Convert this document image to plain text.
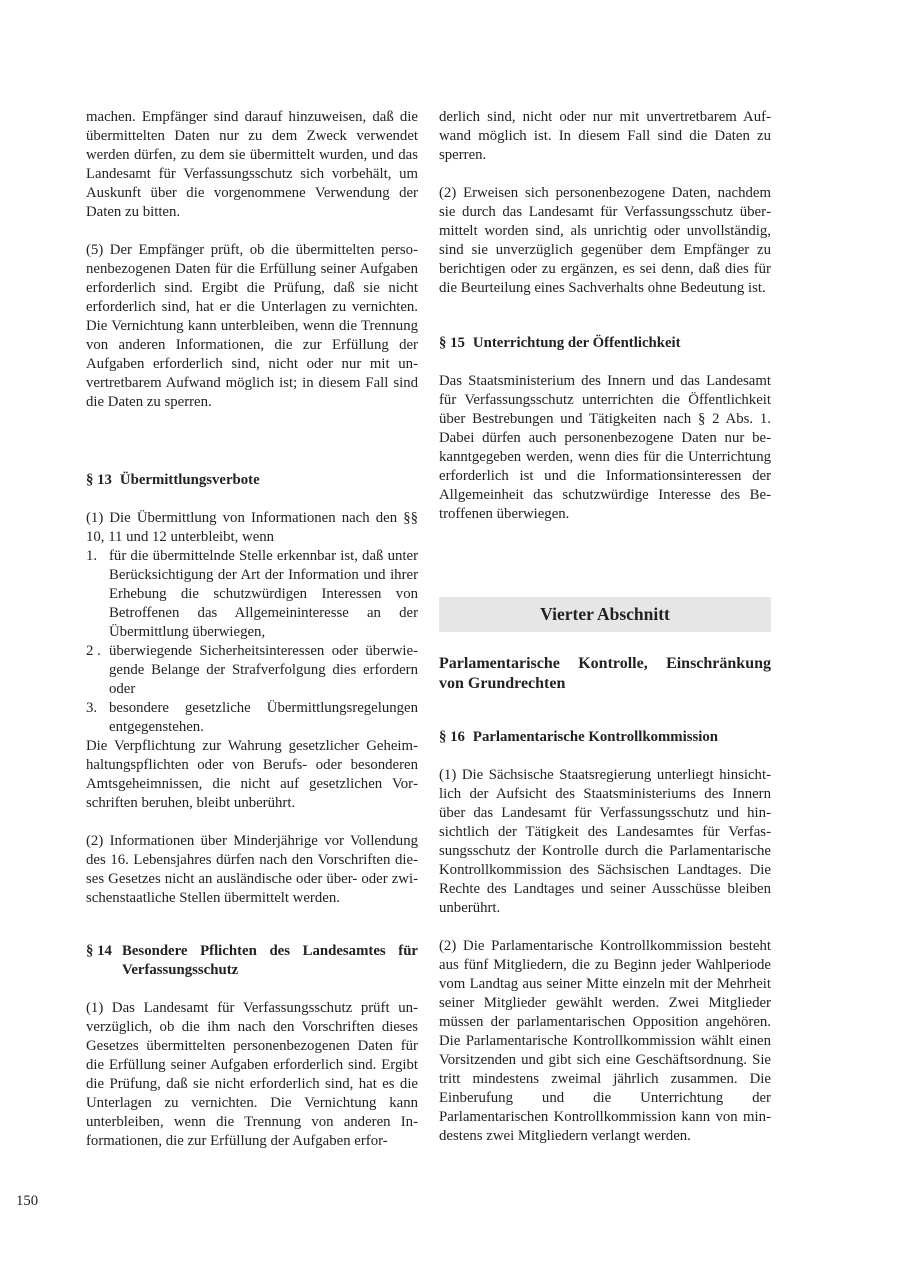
machen. Empfänger sind darauf hinzuweisen, daß die übermittelten Daten nur zu dem Zweck verwendet werden dürfen, zu dem sie übermittelt wurden, und das Landesamt für Verfassungsschutz sich vorbehält, um Auskunft über die vorgenommene Verwendung der Daten zu bitten.

(5) Der Empfänger prüft, ob die übermittelten personenbezogenen Daten für die Erfüllung seiner Aufgaben erforderlich sind. Ergibt die Prüfung, daß sie nicht erforderlich sind, hat er die Unterlagen zu vernichten. Die Vernichtung kann unterbleiben, wenn die Trennung von anderen Informationen, die zur Erfüllung der Aufgaben erforderlich sind, nicht oder nur mit unvertretbarem Aufwand möglich ist; in diesem Fall sind die Daten zu sperren.

§ 13 Übermittlungsverbote

(1) Die Übermittlung von Informationen nach den §§ 10, 11 und 12 unterbleibt, wenn

1. für die übermittelnde Stelle erkennbar ist, daß unter Berücksichtigung der Art der Information und ihrer Erhebung die schutzwürdigen Interessen von Betroffenen das Allgemeininteresse an der Übermittlung überwiegen,
2 . überwiegende Sicherheitsinteressen oder überwiegende Belange der Strafverfolgung dies erfordern oder
3. besondere gesetzliche Übermittlungsregelungen entgegenstehen.

Die Verpflichtung zur Wahrung gesetzlicher Geheimhaltungspflichten oder von Berufs- oder besonderen Amtsgeheimnissen, die nicht auf gesetzlichen Vorschriften beruhen, bleibt unberührt.

(2) Informationen über Minderjährige vor Vollendung des 16. Lebensjahres dürfen nach den Vorschriften dieses Gesetzes nicht an ausländische oder über- oder zwischenstaatliche Stellen übermittelt werden.

§ 14 Besondere Pflichten des Landesamtes für Verfassungsschutz

(1) Das Landesamt für Verfassungsschutz prüft unverzüglich, ob die ihm nach den Vorschriften dieses Gesetzes übermittelten personenbezogenen Daten für die Erfüllung seiner Aufgaben erforderlich sind. Ergibt die Prüfung, daß sie nicht erforderlich sind, hat es die Unterlagen zu vernichten. Die Vernichtung kann unterbleiben, wenn die Trennung von anderen Informationen, die zur Erfüllung der Aufgaben erfor-

derlich sind, nicht oder nur mit unvertretbarem Aufwand möglich ist. In diesem Fall sind die Daten zu sperren.

(2) Erweisen sich personenbezogene Daten, nachdem sie durch das Landesamt für Verfassungsschutz übermittelt worden sind, als unrichtig oder unvollständig, sind sie unverzüglich gegenüber dem Empfänger zu berichtigen oder zu ergänzen, es sei denn, daß dies für die Beurteilung eines Sachverhalts ohne Bedeutung ist.

§ 15 Unterrichtung der Öffentlichkeit

Das Staatsministerium des Innern und das Landesamt für Verfassungsschutz unterrichten die Öffentlichkeit über Bestrebungen und Tätigkeiten nach § 2 Abs. 1. Dabei dürfen auch personenbezogene Daten nur bekanntgegeben werden, wenn dies für die Unterrichtung erforderlich ist und die Informationsinteressen der Allgemeinheit das schutzwürdige Interesse des Betroffenen überwiegen.

Vierter Abschnitt
Parlamentarische Kontrolle, Einschränkung von Grundrechten
§ 16 Parlamentarische Kontrollkommission

(1) Die Sächsische Staatsregierung unterliegt hinsichtlich der Aufsicht des Staatsministeriums des Innern über das Landesamt für Verfassungsschutz und hinsichtlich der Tätigkeit des Landesamtes für Verfassungsschutz der Kontrolle durch die Parlamentarische Kontrollkommission des Sächsischen Landtages. Die Rechte des Landtages und seiner Ausschüsse bleiben unberührt.

(2) Die Parlamentarische Kontrollkommission besteht aus fünf Mitgliedern, die zu Beginn jeder Wahlperiode vom Landtag aus seiner Mitte einzeln mit der Mehrheit seiner Mitglieder gewählt werden. Zwei Mitglieder müssen der parlamentarischen Opposition angehören. Die Parlamentarische Kontrollkommission wählt einen Vorsitzenden und gibt sich eine Geschäftsordnung. Sie tritt mindestens zweimal jährlich zusammen. Die Einberufung und die Unterrichtung der Parlamentarischen Kontrollkommission kann von mindestens zwei Mitgliedern verlangt werden.

150
